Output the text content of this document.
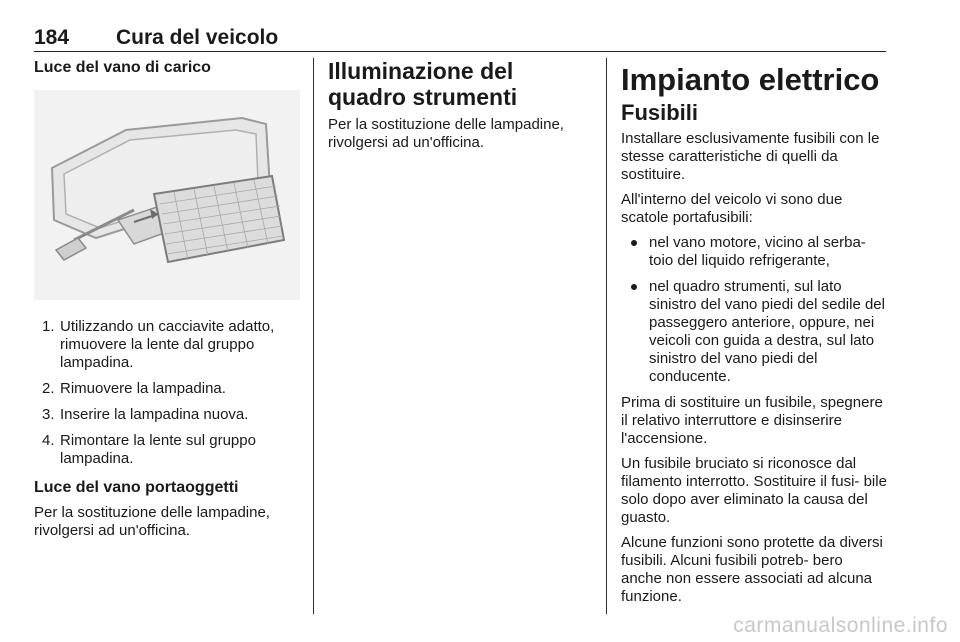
184 Cura del veicolo
Luce del vano di carico
1. Utilizzando un cacciavite adatto, rimuovere la lente dal gruppo lampadina.
2. Rimuovere la lampadina.
3. Inserire la lampadina nuova.
4. Rimontare la lente sul gruppo lampadina.
Luce del vano portaoggetti

Per la sostituzione delle lampadine, rivolgersi ad un'officina.

Illuminazione del quadro strumenti

Per la sostituzione delle lampadine, rivolgersi ad un'officina.

Impianto elettrico
Fusibili

Installare esclusivamente fusibili con le stesse caratteristiche di quelli da sostituire.

All'interno del veicolo vi sono due scatole portafusibili:

nel vano motore, vicino al serba- toio del liquido refrigerante,
nel quadro strumenti, sul lato sinistro del vano piedi del sedile del passeggero anteriore, oppure, nei veicoli con guida a destra, sul lato sinistro del vano piedi del conducente.

Prima di sostituire un fusibile, spegnere il relativo interruttore e disinserire l'accensione.

Un fusibile bruciato si riconosce dal filamento interrotto. Sostituire il fusi- bile solo dopo aver eliminato la causa del guasto.

Alcune funzioni sono protette da diversi fusibili. Alcuni fusibili potreb- bero anche non essere associati ad alcuna funzione.

carmanualsonline.info
